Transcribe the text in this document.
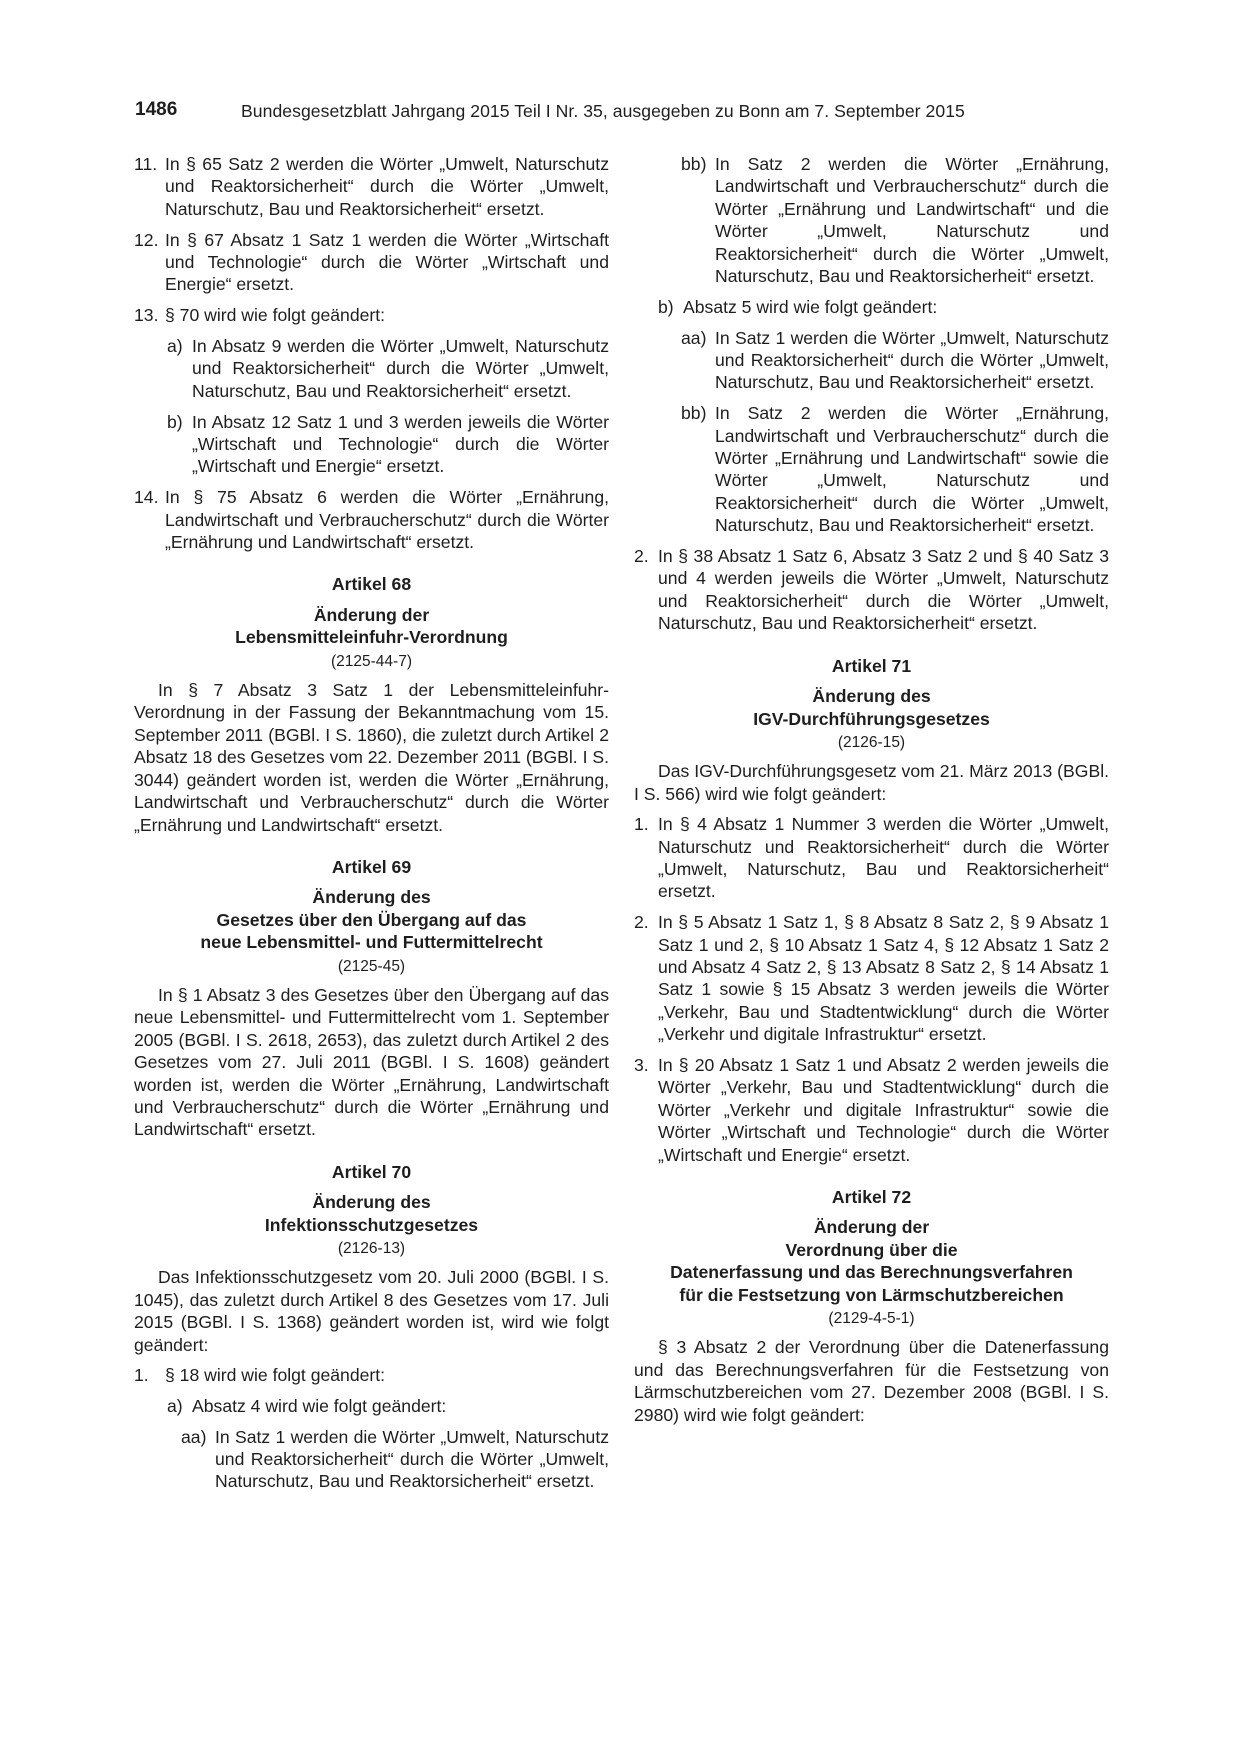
1486	Bundesgesetzblatt Jahrgang 2015 Teil I Nr. 35, ausgegeben zu Bonn am 7. September 2015
11. In § 65 Satz 2 werden die Wörter „Umwelt, Naturschutz und Reaktorsicherheit“ durch die Wörter „Umwelt, Naturschutz, Bau und Reaktorsicherheit“ ersetzt.
12. In § 67 Absatz 1 Satz 1 werden die Wörter „Wirtschaft und Technologie“ durch die Wörter „Wirtschaft und Energie“ ersetzt.
13. § 70 wird wie folgt geändert:
a) In Absatz 9 werden die Wörter „Umwelt, Naturschutz und Reaktorsicherheit“ durch die Wörter „Umwelt, Naturschutz, Bau und Reaktorsicherheit“ ersetzt.
b) In Absatz 12 Satz 1 und 3 werden jeweils die Wörter „Wirtschaft und Technologie“ durch die Wörter „Wirtschaft und Energie“ ersetzt.
14. In § 75 Absatz 6 werden die Wörter „Ernährung, Landwirtschaft und Verbraucherschutz“ durch die Wörter „Ernährung und Landwirtschaft“ ersetzt.
Artikel 68
Änderung der
Lebensmitteleinfuhr-Verordnung
(2125-44-7)

In § 7 Absatz 3 Satz 1 der Lebensmitteleinfuhr-Verordnung in der Fassung der Bekanntmachung vom 15. September 2011 (BGBl. I S. 1860), die zuletzt durch Artikel 2 Absatz 18 des Gesetzes vom 22. Dezember 2011 (BGBl. I S. 3044) geändert worden ist, werden die Wörter „Ernährung, Landwirtschaft und Verbraucherschutz“ durch die Wörter „Ernährung und Landwirtschaft“ ersetzt.

Artikel 69
Änderung des
Gesetzes über den Übergang auf das
neue Lebensmittel- und Futtermittelrecht
(2125-45)

In § 1 Absatz 3 des Gesetzes über den Übergang auf das neue Lebensmittel- und Futtermittelrecht vom 1. September 2005 (BGBl. I S. 2618, 2653), das zuletzt durch Artikel 2 des Gesetzes vom 27. Juli 2011 (BGBl. I S. 1608) geändert worden ist, werden die Wörter „Ernährung, Landwirtschaft und Verbraucherschutz“ durch die Wörter „Ernährung und Landwirtschaft“ ersetzt.

Artikel 70
Änderung des
Infektionsschutzgesetzes
(2126-13)

Das Infektionsschutzgesetz vom 20. Juli 2000 (BGBl. I S. 1045), das zuletzt durch Artikel 8 des Gesetzes vom 17. Juli 2015 (BGBl. I S. 1368) geändert worden ist, wird wie folgt geändert:

1. § 18 wird wie folgt geändert:
a) Absatz 4 wird wie folgt geändert:
aa) In Satz 1 werden die Wörter „Umwelt, Naturschutz und Reaktorsicherheit“ durch die Wörter „Umwelt, Naturschutz, Bau und Reaktorsicherheit“ ersetzt.
bb) In Satz 2 werden die Wörter „Ernährung, Landwirtschaft und Verbraucherschutz“ durch die Wörter „Ernährung und Landwirtschaft“ und die Wörter „Umwelt, Naturschutz und Reaktorsicherheit“ durch die Wörter „Umwelt, Naturschutz, Bau und Reaktorsicherheit“ ersetzt.
b) Absatz 5 wird wie folgt geändert:
aa) In Satz 1 werden die Wörter „Umwelt, Naturschutz und Reaktorsicherheit“ durch die Wörter „Umwelt, Naturschutz, Bau und Reaktorsicherheit“ ersetzt.
bb) In Satz 2 werden die Wörter „Ernährung, Landwirtschaft und Verbraucherschutz“ durch die Wörter „Ernährung und Landwirtschaft“ sowie die Wörter „Umwelt, Naturschutz und Reaktorsicherheit“ durch die Wörter „Umwelt, Naturschutz, Bau und Reaktorsicherheit“ ersetzt.
2. In § 38 Absatz 1 Satz 6, Absatz 3 Satz 2 und § 40 Satz 3 und 4 werden jeweils die Wörter „Umwelt, Naturschutz und Reaktorsicherheit“ durch die Wörter „Umwelt, Naturschutz, Bau und Reaktorsicherheit“ ersetzt.
Artikel 71
Änderung des
IGV-Durchführungsgesetzes
(2126-15)

Das IGV-Durchführungsgesetz vom 21. März 2013 (BGBl. I S. 566) wird wie folgt geändert:

1. In § 4 Absatz 1 Nummer 3 werden die Wörter „Umwelt, Naturschutz und Reaktorsicherheit“ durch die Wörter „Umwelt, Naturschutz, Bau und Reaktorsicherheit“ ersetzt.
2. In § 5 Absatz 1 Satz 1, § 8 Absatz 8 Satz 2, § 9 Absatz 1 Satz 1 und 2, § 10 Absatz 1 Satz 4, § 12 Absatz 1 Satz 2 und Absatz 4 Satz 2, § 13 Absatz 8 Satz 2, § 14 Absatz 1 Satz 1 sowie § 15 Absatz 3 werden jeweils die Wörter „Verkehr, Bau und Stadtentwicklung“ durch die Wörter „Verkehr und digitale Infrastruktur“ ersetzt.
3. In § 20 Absatz 1 Satz 1 und Absatz 2 werden jeweils die Wörter „Verkehr, Bau und Stadtentwicklung“ durch die Wörter „Verkehr und digitale Infrastruktur“ sowie die Wörter „Wirtschaft und Technologie“ durch die Wörter „Wirtschaft und Energie“ ersetzt.
Artikel 72
Änderung der
Verordnung über die
Datenerfassung und das Berechnungsverfahren
für die Festsetzung von Lärmschutzbereichen
(2129-4-5-1)

§ 3 Absatz 2 der Verordnung über die Datenerfassung und das Berechnungsverfahren für die Festsetzung von Lärmschutzbereichen vom 27. Dezember 2008 (BGBl. I S. 2980) wird wie folgt geändert:
